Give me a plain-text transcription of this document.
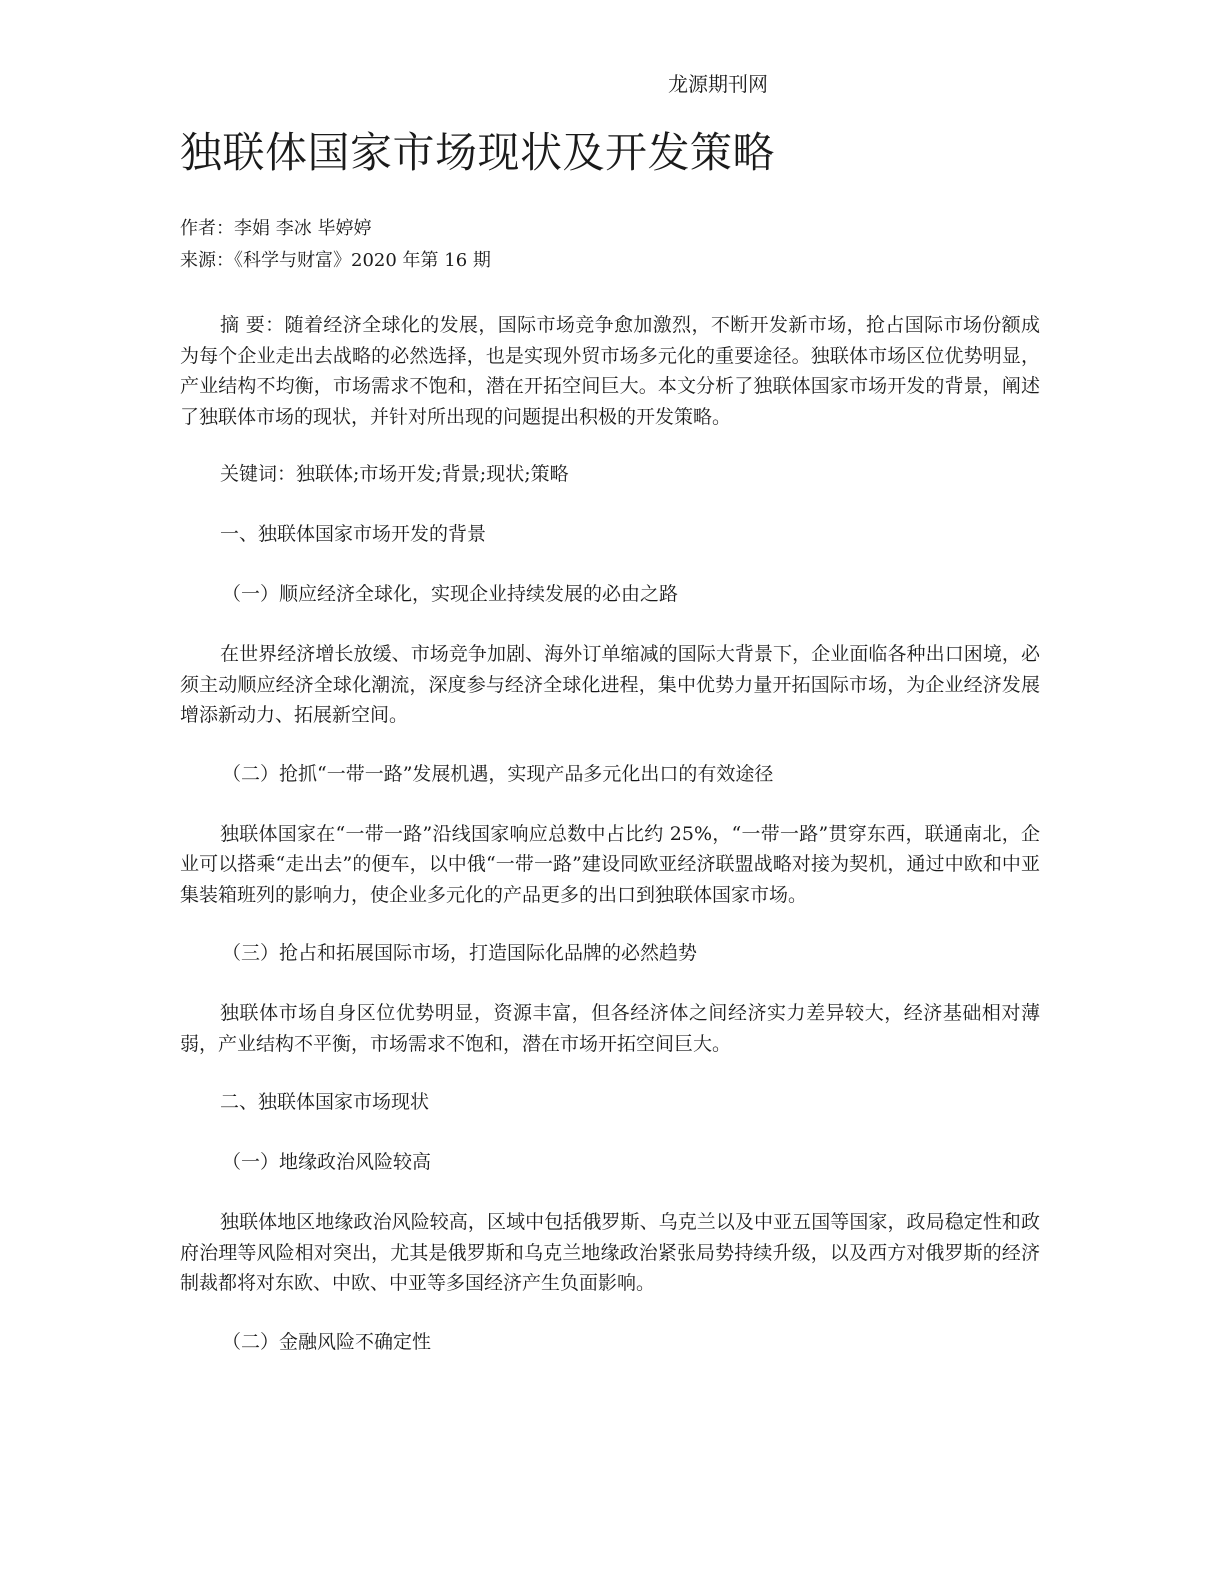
龙源期刊网
独联体国家市场现状及开发策略
作者：李娟 李冰 毕婷婷
来源：《科学与财富》2020 年第 16 期

摘 要：随着经济全球化的发展，国际市场竞争愈加激烈，不断开发新市场，抢占国际市场份额成为每个企业走出去战略的必然选择，也是实现外贸市场多元化的重要途径。独联体市场区位优势明显，产业结构不均衡，市场需求不饱和，潜在开拓空间巨大。本文分析了独联体国家市场开发的背景，阐述了独联体市场的现状，并针对所出现的问题提出积极的开发策略。

关键词：独联体;市场开发;背景;现状;策略
一、独联体国家市场开发的背景
（一）顺应经济全球化，实现企业持续发展的必由之路

在世界经济增长放缓、市场竞争加剧、海外订单缩减的国际大背景下，企业面临各种出口困境，必须主动顺应经济全球化潮流，深度参与经济全球化进程，集中优势力量开拓国际市场，为企业经济发展增添新动力、拓展新空间。

（二）抢抓“一带一路”发展机遇，实现产品多元化出口的有效途径

独联体国家在“一带一路”沿线国家响应总数中占比约 25%，“一带一路”贯穿东西，联通南北，企业可以搭乘“走出去”的便车，以中俄“一带一路”建设同欧亚经济联盟战略对接为契机，通过中欧和中亚集装箱班列的影响力，使企业多元化的产品更多的出口到独联体国家市场。

（三）抢占和拓展国际市场，打造国际化品牌的必然趋势

独联体市场自身区位优势明显，资源丰富，但各经济体之间经济实力差异较大，经济基础相对薄弱，产业结构不平衡，市场需求不饱和，潜在市场开拓空间巨大。

二、独联体国家市场现状
（一）地缘政治风险较高

独联体地区地缘政治风险较高，区域中包括俄罗斯、乌克兰以及中亚五国等国家，政局稳定性和政府治理等风险相对突出，尤其是俄罗斯和乌克兰地缘政治紧张局势持续升级，以及西方对俄罗斯的经济制裁都将对东欧、中欧、中亚等多国经济产生负面影响。

（二）金融风险不确定性
